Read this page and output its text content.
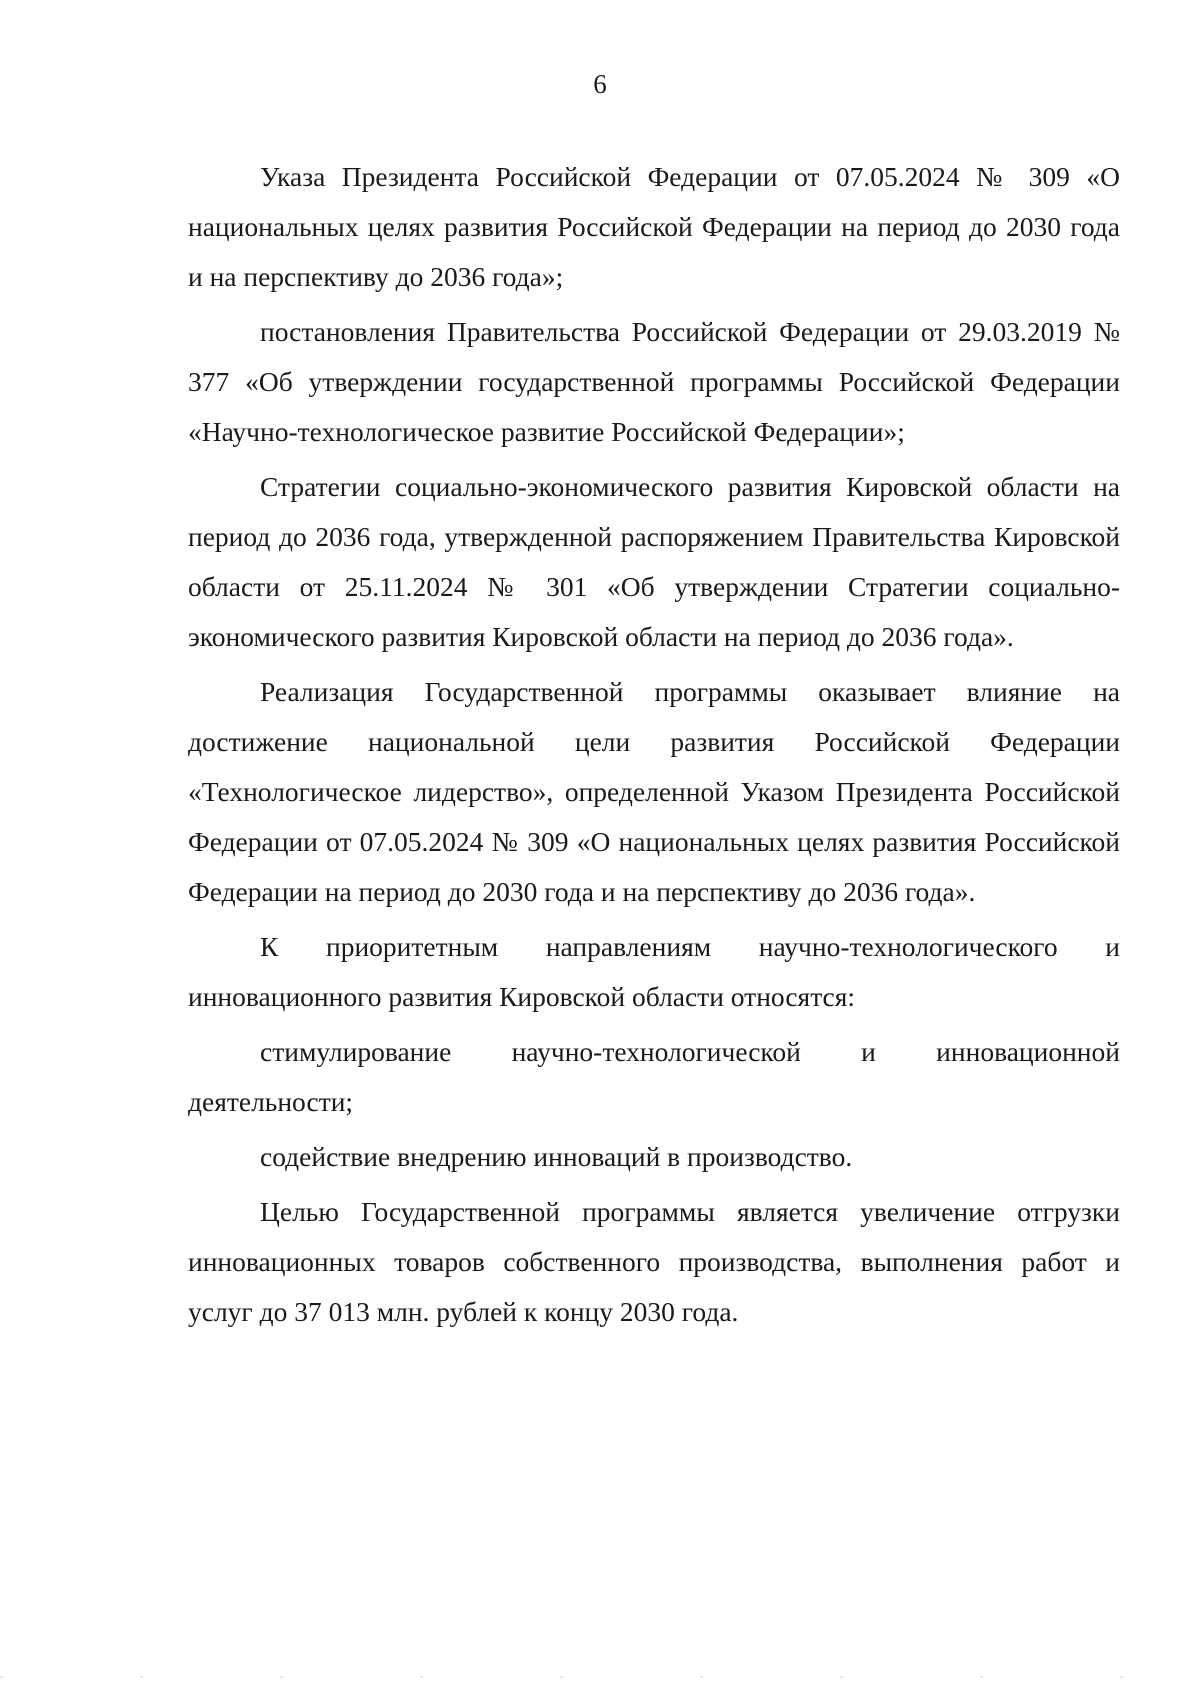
6

Указа Президента Российской Федерации от 07.05.2024 № 309 «О национальных целях развития Российской Федерации на период до 2030 года и на перспективу до 2036 года»;

постановления Правительства Российской Федерации от 29.03.2019 № 377 «Об утверждении государственной программы Российской Федерации «Научно-технологическое развитие Российской Федерации»;

Стратегии социально-экономического развития Кировской области на период до 2036 года, утвержденной распоряжением Правительства Кировской области от 25.11.2024 № 301 «Об утверждении Стратегии социально-экономического развития Кировской области на период до 2036 года».

Реализация Государственной программы оказывает влияние на достижение национальной цели развития Российской Федерации «Технологическое лидерство», определенной Указом Президента Российской Федерации от 07.05.2024 № 309 «О национальных целях развития Российской Федерации на период до 2030 года и на перспективу до 2036 года».

К приоритетным направлениям научно-технологического и инновационного развития Кировской области относятся:

стимулирование научно-технологической и инновационной деятельности;

содействие внедрению инноваций в производство.

Целью Государственной программы является увеличение отгрузки инновационных товаров собственного производства, выполнения работ и услуг до 37 013 млн. рублей к концу 2030 года.
